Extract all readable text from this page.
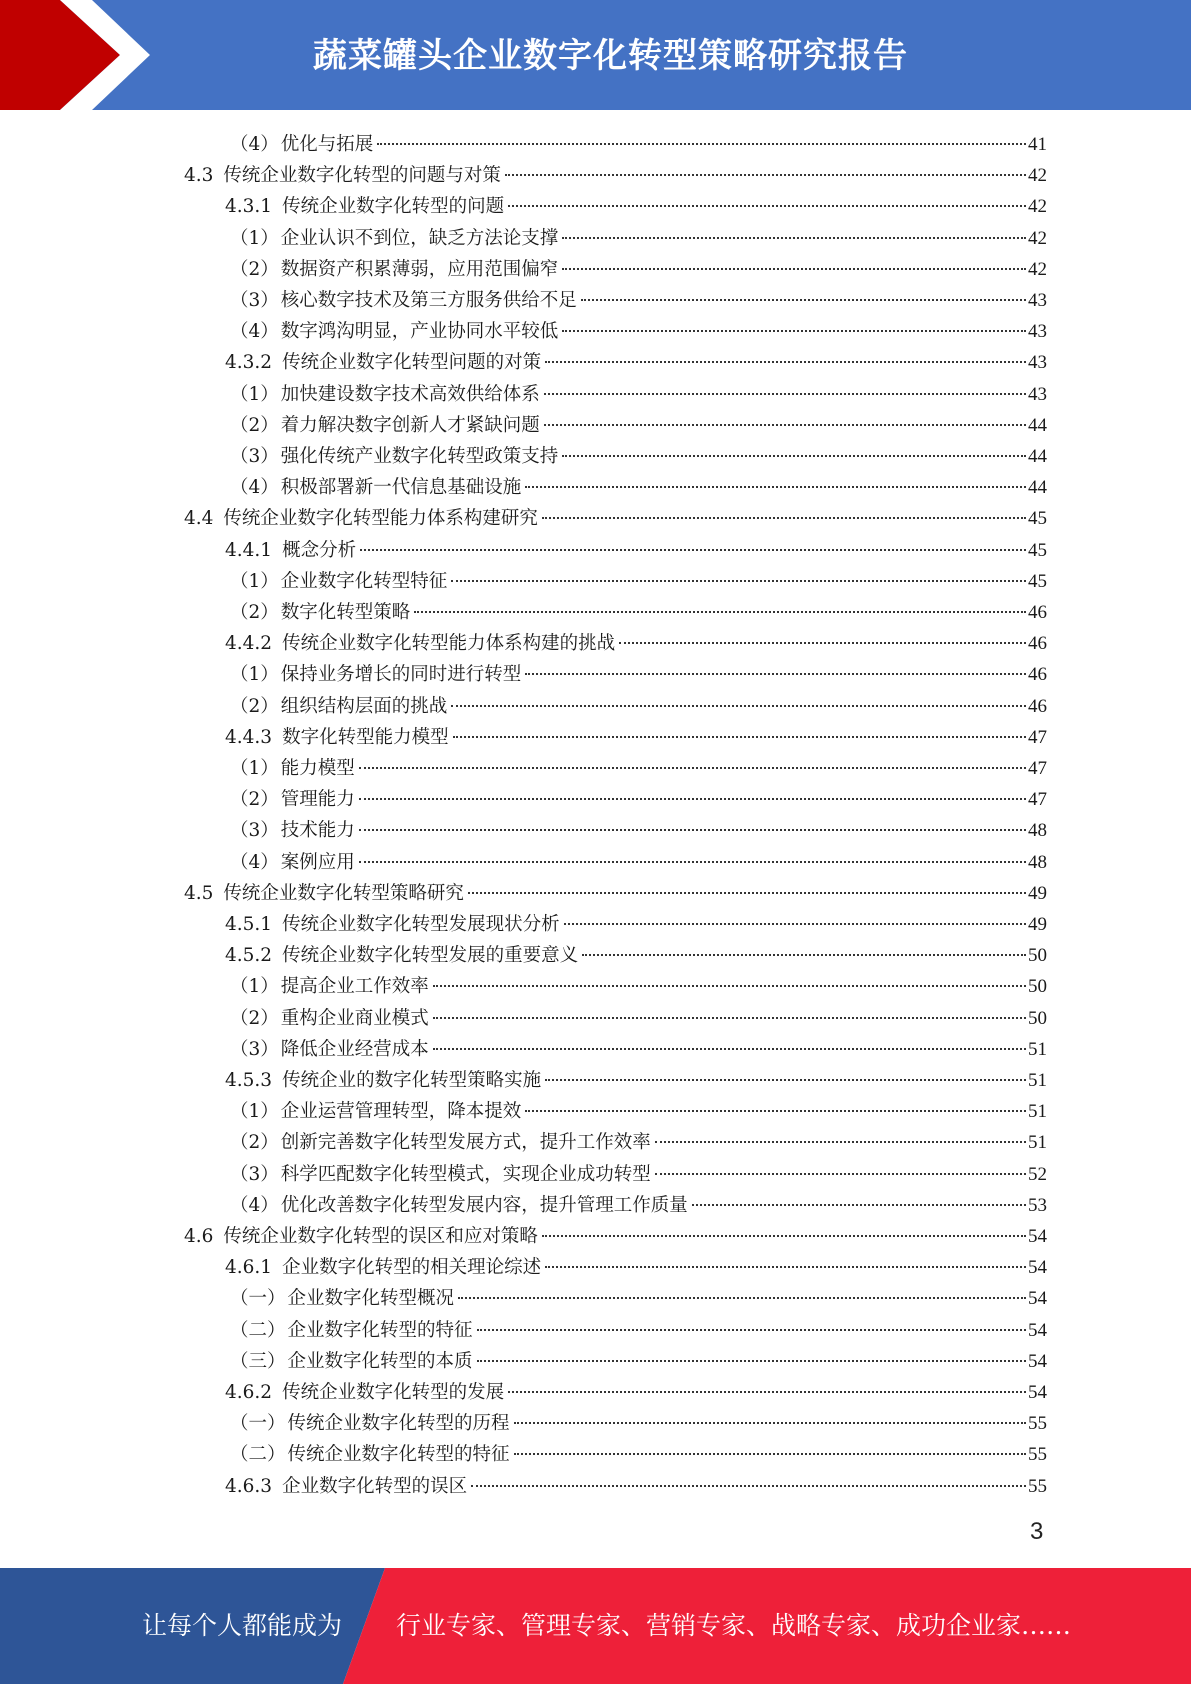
蔬菜罐头企业数字化转型策略研究报告
（4） 优化与拓展	41
4.3 传统企业数字化转型的问题与对策	42
4.3.1 传统企业数字化转型的问题	42
（1） 企业认识不到位，缺乏方法论支撑	42
（2） 数据资产积累薄弱，应用范围偏窄	42
（3） 核心数字技术及第三方服务供给不足	43
（4） 数字鸿沟明显，产业协同水平较低	43
4.3.2 传统企业数字化转型问题的对策	43
（1） 加快建设数字技术高效供给体系	43
（2） 着力解决数字创新人才紧缺问题	44
（3） 强化传统产业数字化转型政策支持	44
（4） 积极部署新一代信息基础设施	44
4.4 传统企业数字化转型能力体系构建研究	45
4.4.1 概念分析	45
（1） 企业数字化转型特征	45
（2） 数字化转型策略	46
4.4.2 传统企业数字化转型能力体系构建的挑战	46
（1） 保持业务增长的同时进行转型	46
（2） 组织结构层面的挑战	46
4.4.3 数字化转型能力模型	47
（1） 能力模型	47
（2） 管理能力	47
（3） 技术能力	48
（4） 案例应用	48
4.5 传统企业数字化转型策略研究	49
4.5.1 传统企业数字化转型发展现状分析	49
4.5.2 传统企业数字化转型发展的重要意义	50
（1） 提高企业工作效率	50
（2） 重构企业商业模式	50
（3） 降低企业经营成本	51
4.5.3 传统企业的数字化转型策略实施	51
（1） 企业运营管理转型，降本提效	51
（2） 创新完善数字化转型发展方式，提升工作效率	51
（3） 科学匹配数字化转型模式，实现企业成功转型	52
（4） 优化改善数字化转型发展内容，提升管理工作质量	53
4.6 传统企业数字化转型的误区和应对策略	54
4.6.1 企业数字化转型的相关理论综述	54
（一） 企业数字化转型概况	54
（二） 企业数字化转型的特征	54
（三） 企业数字化转型的本质	54
4.6.2 传统企业数字化转型的发展	54
（一） 传统企业数字化转型的历程	55
（二） 传统企业数字化转型的特征	55
4.6.3 企业数字化转型的误区	55
3
让每个人都能成为 行业专家、管理专家、营销专家、战略专家、成功企业家……
